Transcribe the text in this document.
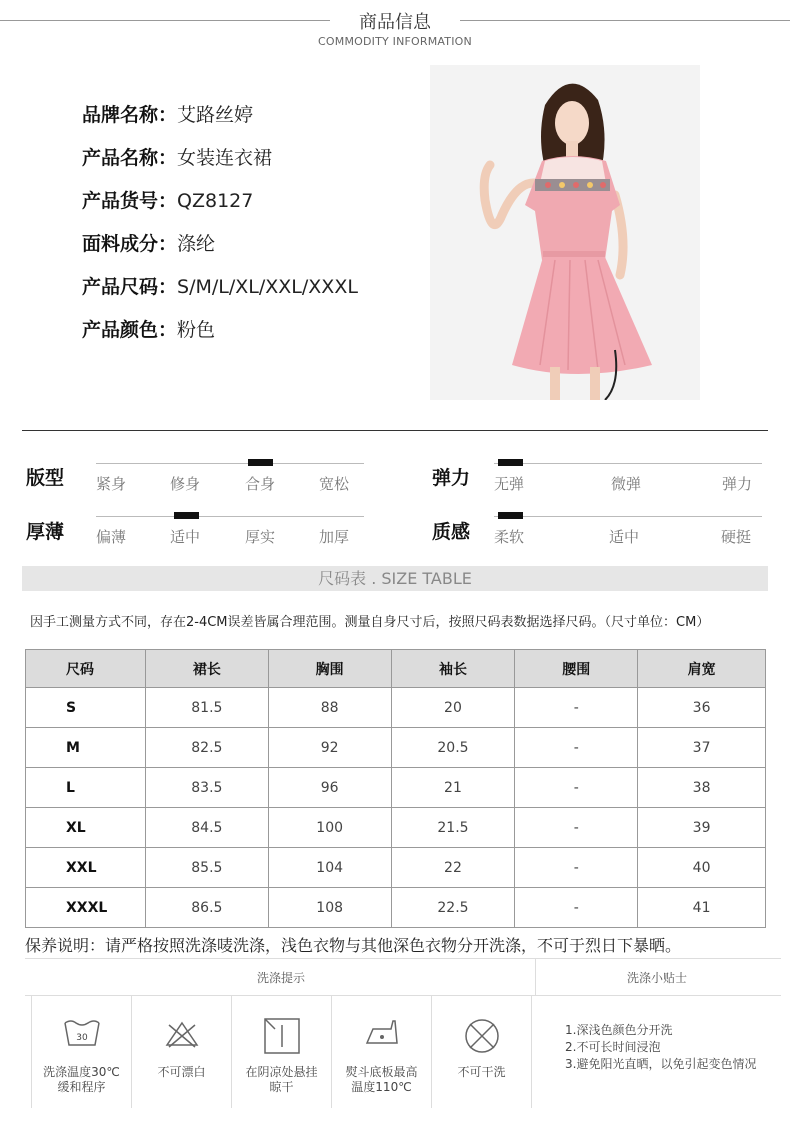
商品信息
COMMODITY INFORMATION
品牌名称：艾路丝婷
产品名称：女装连衣裙
产品货号：QZ8127
面料成分：涤纶
产品尺码：S/M/L/XL/XXL/XXXL
产品颜色：粉色
版型 紧身	修身	合身	宽松	弹力 无弹	微弹	弹力
厚薄 偏薄	适中	厚实	加厚	质感 柔软	适中	硬挺
尺码表 . SIZE TABLE
因手工测量方式不同，存在2-4CM误差皆属合理范围。测量自身尺寸后，按照尺码表数据选择尺码。（尺寸单位：CM）
尺码	裙长	胸围	袖长	腰围	肩宽
S	81.5	88	20	-	36
M	82.5	92	20.5	-	37
L	83.5	96	21	-	38
XL	84.5	100	21.5	-	39
XXL	85.5	104	22	-	40
XXXL	86.5	108	22.5	-	41
保养说明：请严格按照洗涤唛洗涤，浅色衣物与其他深色衣物分开洗涤，不可于烈日下暴晒。
洗涤提示	洗涤小贴士
30
洗涤温度30℃
缓和程序
不可漂白	在阴凉处悬挂
晾干
熨斗底板最高
温度110℃
不可干洗
1.深浅色颜色分开洗
2.不可长时间浸泡
3.避免阳光直晒，以免引起变色情况
